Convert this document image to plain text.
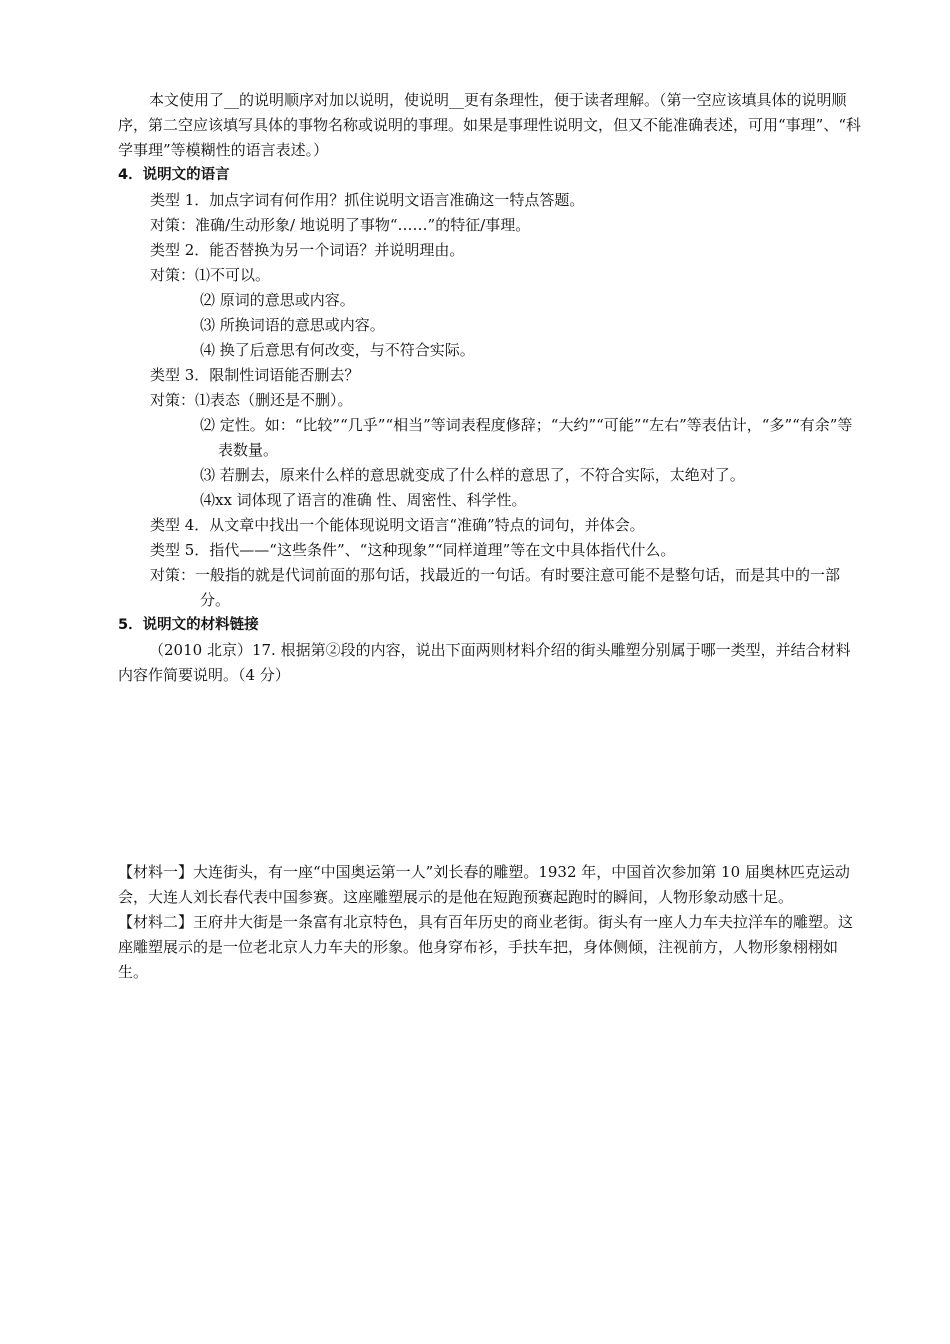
本文使用了__的说明顺序对加以说明，使说明__更有条理性，便于读者理解。（第一空应该填具体的说明顺序，第二空应该填写具体的事物名称或说明的事理。如果是事理性说明文，但又不能准确表述，可用“事理”、“科学事理”等模糊性的语言表述。）

4．说明文的语言

类型 1．加点字词有何作用？抓住说明文语言准确这一特点答题。

对策：准确/生动形象/ 地说明了事物“……”的特征/事理。

类型 2．能否替换为另一个词语？并说明理由。

对策：⑴不可以。

⑵ 原词的意思或内容。

⑶ 所换词语的意思或内容。

⑷ 换了后意思有何改变，与不符合实际。

类型 3．限制性词语能否删去？

对策：⑴表态（删还是不删）。

⑵ 定性。如：“比较”“几乎”“相当”等词表程度修辞；“大约”“可能”“左右”等表估计，“多”“有余”等表数量。

⑶ 若删去，原来什么样的意思就变成了什么样的意思了，不符合实际，太绝对了。

⑷xx 词体现了语言的准确 性、周密性、科学性。

类型 4．从文章中找出一个能体现说明文语言“准确”特点的词句，并体会。

类型 5．指代——“这些条件”、“这种现象”“同样道理”等在文中具体指代什么。

对策：一般指的就是代词前面的那句话，找最近的一句话。有时要注意可能不是整句话，而是其中的一部分。

5．说明文的材料链接

（2010 北京）17. 根据第②段的内容，说出下面两则材料介绍的街头雕塑分别属于哪一类型，并结合材料内容作简要说明。（4 分）

【材料一】大连街头，有一座“中国奥运第一人”刘长春的雕塑。1932 年，中国首次参加第 10 届奥林匹克运动会，大连人刘长春代表中国参赛。这座雕塑展示的是他在短跑预赛起跑时的瞬间，人物形象动感十足。

【材料二】王府井大街是一条富有北京特色，具有百年历史的商业老街。街头有一座人力车夫拉洋车的雕塑。这座雕塑展示的是一位老北京人力车夫的形象。他身穿布衫，手扶车把，身体侧倾，注视前方，人物形象栩栩如生。
